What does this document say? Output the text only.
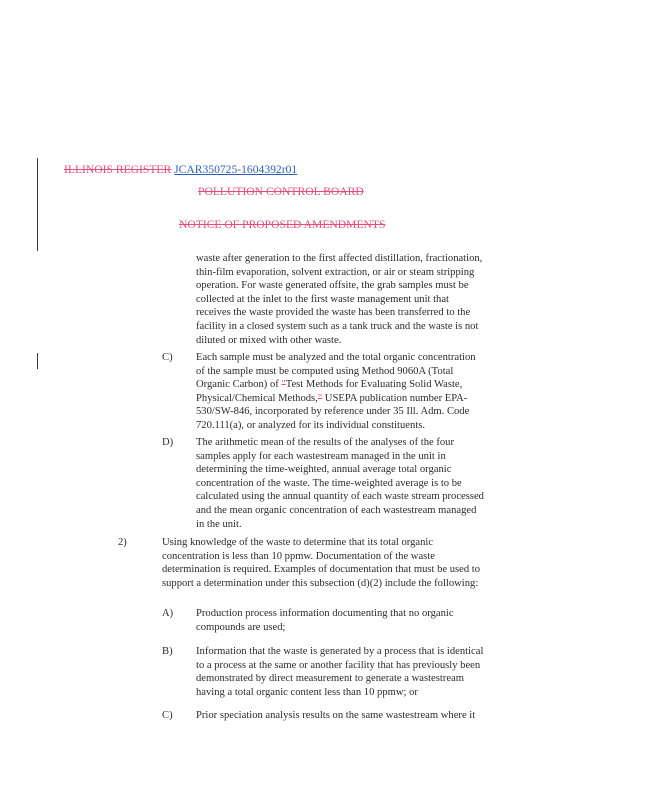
ILLINOIS REGISTER JCAR350725-1604392r01
POLLUTION CONTROL BOARD
NOTICE OF PROPOSED AMENDMENTS
waste after generation to the first affected distillation, fractionation, thin-film evaporation, solvent extraction, or air or steam stripping operation. For waste generated offsite, the grab samples must be collected at the inlet to the first waste management unit that receives the waste provided the waste has been transferred to the facility in a closed system such as a tank truck and the waste is not diluted or mixed with other waste.
C) Each sample must be analyzed and the total organic concentration of the sample must be computed using Method 9060A (Total Organic Carbon) of "Test Methods for Evaluating Solid Waste, Physical/Chemical Methods," USEPA publication number EPA-530/SW-846, incorporated by reference under 35 Ill. Adm. Code 720.111(a), or analyzed for its individual constituents.
D) The arithmetic mean of the results of the analyses of the four samples apply for each wastestream managed in the unit in determining the time-weighted, annual average total organic concentration of the waste. The time-weighted average is to be calculated using the annual quantity of each waste stream processed and the mean organic concentration of each wastestream managed in the unit.
2)	Using knowledge of the waste to determine that its total organic concentration is less than 10 ppmw. Documentation of the waste determination is required. Examples of documentation that must be used to support a determination under this subsection (d)(2) include the following:
A) Production process information documenting that no organic compounds are used;
B) Information that the waste is generated by a process that is identical to a process at the same or another facility that has previously been demonstrated by direct measurement to generate a wastestream having a total organic content less than 10 ppmw; or
C) Prior speciation analysis results on the same wastestream where it
